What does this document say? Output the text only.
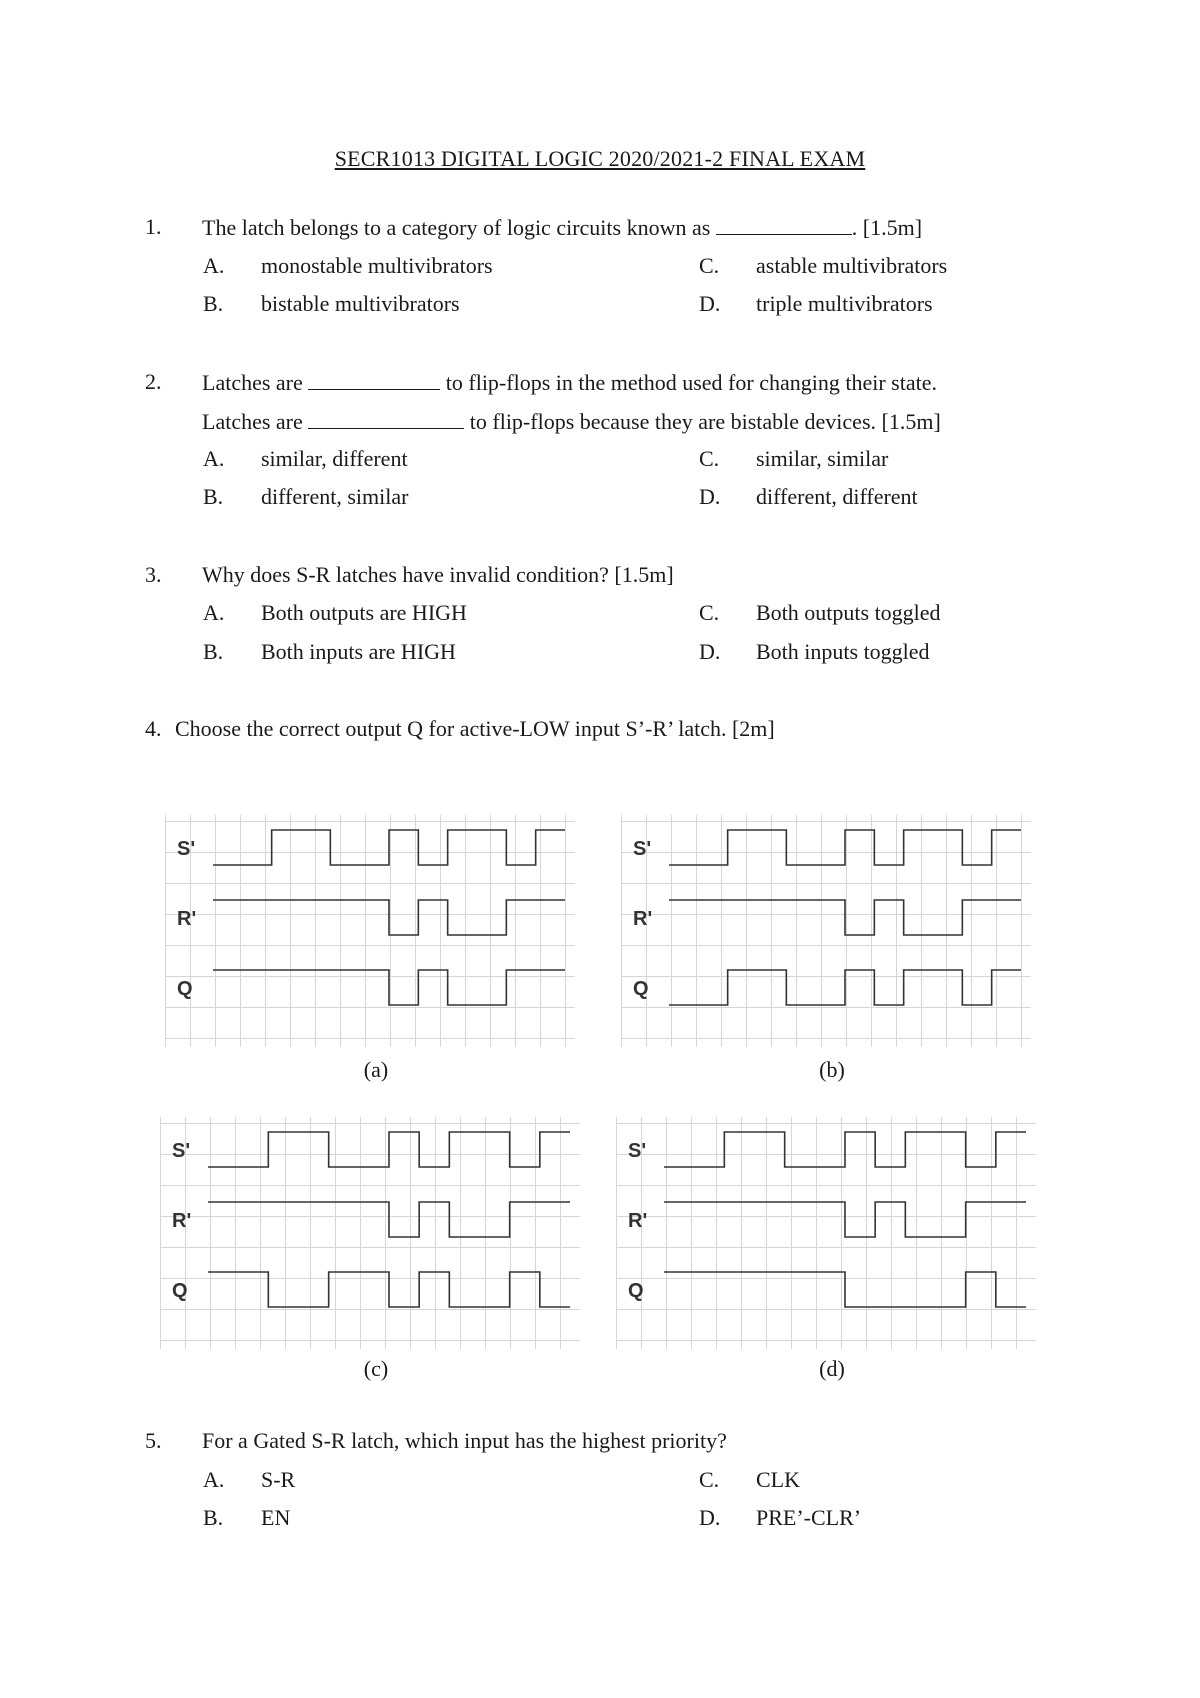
SECR1013 DIGITAL LOGIC 2020/2021-2 FINAL EXAM
1. The latch belongs to a category of logic circuits known as	. [1.5m]
A. monostable multivibrators
B. bistable multivibrators
C. astable multivibrators
D. triple multivibrators
2. Latches are	to flip-flops in the method used for changing their state.
Latches are	to flip-flops because they are bistable devices. [1.5m]
A. similar, different
B. different, similar
C. similar, similar
D. different, different
3. Why does S-R latches have invalid condition? [1.5m]
A. Both outputs are HIGH
B. Both inputs are HIGH
C. Both outputs toggled
D. Both inputs toggled
4. Choose the correct output Q for active-LOW input S’-R’ latch. [2m]
S'
R'
Q
(a)
S'
R'
Q
(b)
S'
R'
Q
(c)
S'
R'
Q
(d)
5. For a Gated S-R latch, which input has the highest priority?
A. S-R
B. EN
C. CLK
D. PRE’-CLR’
